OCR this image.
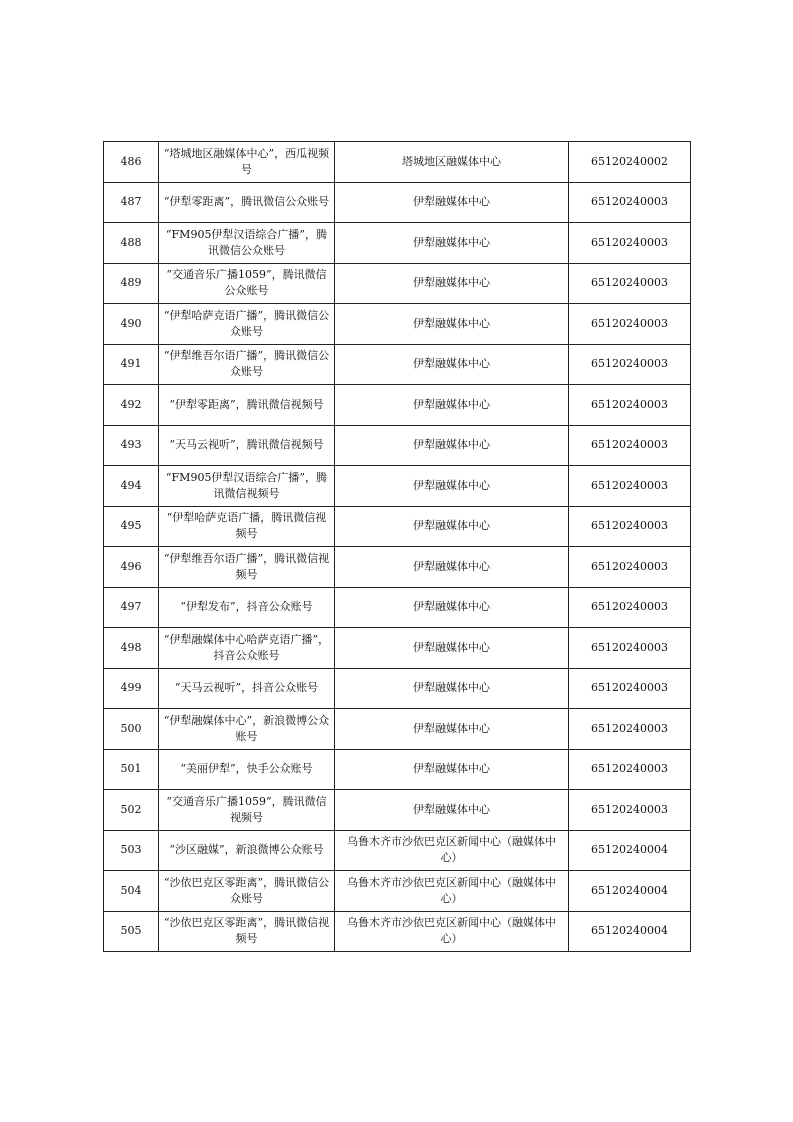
486	“塔城地区融媒体中心”，西瓜视频号	塔城地区融媒体中心	65120240002
487	“伊犁零距离”，腾讯微信公众账号	伊犁融媒体中心	65120240003
488	“FM905伊犁汉语综合广播”，腾讯微信公众账号	伊犁融媒体中心	65120240003
489	“交通音乐广播1059”，腾讯微信公众账号	伊犁融媒体中心	65120240003
490	“伊犁哈萨克语广播”，腾讯微信公众账号	伊犁融媒体中心	65120240003
491	“伊犁维吾尔语广播”，腾讯微信公众账号	伊犁融媒体中心	65120240003
492	“伊犁零距离”，腾讯微信视频号	伊犁融媒体中心	65120240003
493	“天马云视听”，腾讯微信视频号	伊犁融媒体中心	65120240003
494	“FM905伊犁汉语综合广播”，腾讯微信视频号	伊犁融媒体中心	65120240003
495	“伊犁哈萨克语广播，腾讯微信视频号	伊犁融媒体中心	65120240003
496	“伊犁维吾尔语广播”，腾讯微信视频号	伊犁融媒体中心	65120240003
497	“伊犁发布”，抖音公众账号	伊犁融媒体中心	65120240003
498	“伊犁融媒体中心哈萨克语广播”，抖音公众账号	伊犁融媒体中心	65120240003
499	“天马云视听”，抖音公众账号	伊犁融媒体中心	65120240003
500	“伊犁融媒体中心”，新浪微博公众账号	伊犁融媒体中心	65120240003
501	“美丽伊犁”，快手公众账号	伊犁融媒体中心	65120240003
502	“交通音乐广播1059”，腾讯微信视频号	伊犁融媒体中心	65120240003
503	“沙区融媒”，新浪微博公众账号	乌鲁木齐市沙依巴克区新闻中心（融媒体中心）	65120240004
504	“沙依巴克区零距离”，腾讯微信公众账号	乌鲁木齐市沙依巴克区新闻中心（融媒体中心）	65120240004
505	“沙依巴克区零距离”，腾讯微信视频号	乌鲁木齐市沙依巴克区新闻中心（融媒体中心）	65120240004
